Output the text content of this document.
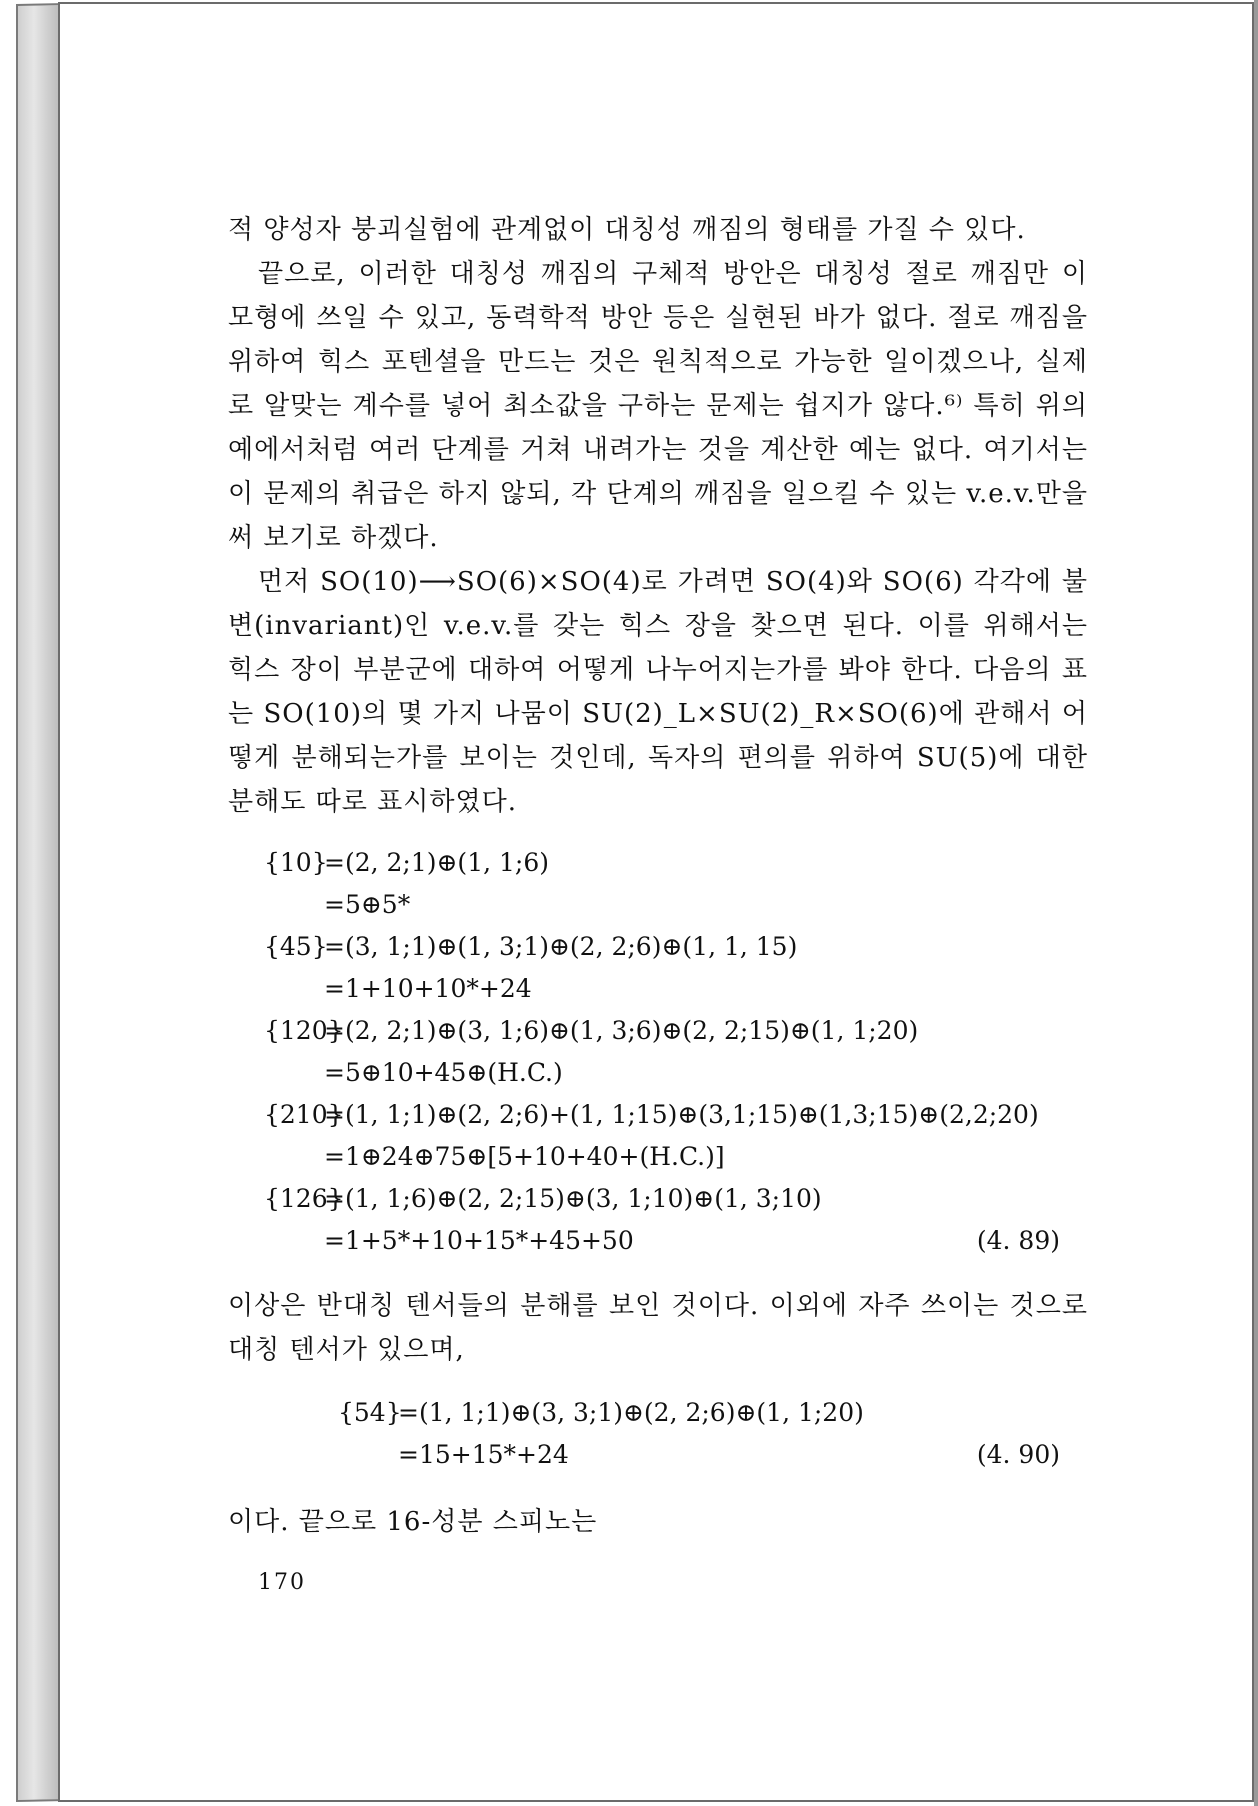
적 양성자 붕괴실험에 관계없이 대칭성 깨짐의 형태를 가질 수 있다.

끝으로, 이러한 대칭성 깨짐의 구체적 방안은 대칭성 절로 깨짐만 이 모형에 쓰일 수 있고, 동력학적 방안 등은 실현된 바가 없다. 절로 깨짐을 위하여 힉스 포텐셜을 만드는 것은 원칙적으로 가능한 일이겠으나, 실제로 알맞는 계수를 넣어 최소값을 구하는 문제는 쉽지가 않다.⁶⁾ 특히 위의 예에서처럼 여러 단계를 거쳐 내려가는 것을 계산한 예는 없다. 여기서는 이 문제의 취급은 하지 않되, 각 단계의 깨짐을 일으킬 수 있는 v.e.v.만을 써 보기로 하겠다.

먼저 SO(10)⟶SO(6)×SO(4)로 가려면 SO(4)와 SO(6) 각각에 불변(invariant)인 v.e.v.를 갖는 힉스 장을 찾으면 된다. 이를 위해서는 힉스 장이 부분군에 대하여 어떻게 나누어지는가를 봐야 한다. 다음의 표는 SO(10)의 몇 가지 나뭄이 SU(2)_L×SU(2)_R×SO(6)에 관해서 어떻게 분해되는가를 보이는 것인데, 독자의 편의를 위하여 SU(5)에 대한 분해도 따로 표시하였다.

{10}
=(2, 2;1)⊕(1, 1;6)
=5⊕5*
{45}
=(3, 1;1)⊕(1, 3;1)⊕(2, 2;6)⊕(1, 1, 15)
=1+10+10*+24
{120}
=(2, 2;1)⊕(3, 1;6)⊕(1, 3;6)⊕(2, 2;15)⊕(1, 1;20)
=5⊕10+45⊕(H.C.)
{210}
=(1, 1;1)⊕(2, 2;6)+(1, 1;15)⊕(3,1;15)⊕(1,3;15)⊕(2,2;20)
=1⊕24⊕75⊕[5+10+40+(H.C.)]
{126}
=(1, 1;6)⊕(2, 2;15)⊕(3, 1;10)⊕(1, 3;10)
=1+5*+10+15*+45+50	(4. 89)

이상은 반대칭 텐서들의 분해를 보인 것이다. 이외에 자주 쓰이는 것으로 대칭 텐서가 있으며,

{54}
=(1, 1;1)⊕(3, 3;1)⊕(2, 2;6)⊕(1, 1;20)
=15+15*+24	(4. 90)

이다. 끝으로 16-성분 스피노는

170
